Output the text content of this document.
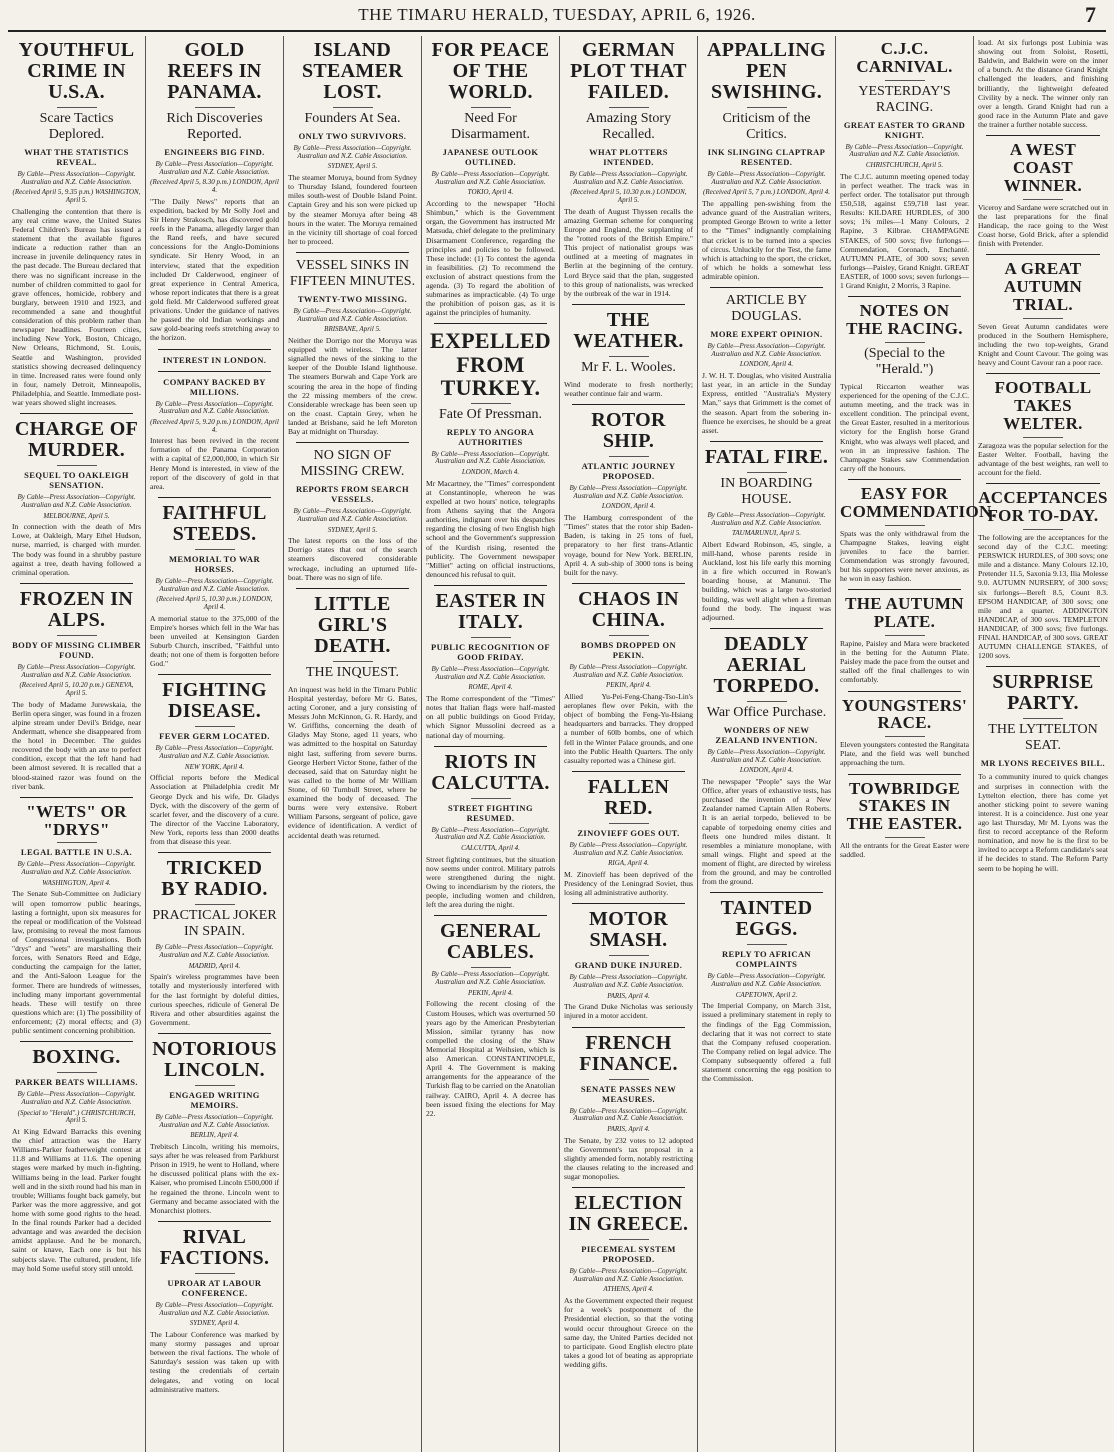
THE TIMARU HERALD, TUESDAY, APRIL 6, 1926.	7
YOUTHFUL CRIME IN U.S.A.
Scare Tactics Deplored.
WHAT THE STATISTICS REVEAL.
By Cable—Press Association—Copyright. Australian and N.Z. Cable Association.
(Received April 5, 9.35 p.m.) WASHINGTON, April 5.
Challenging the contention that there is any real crime wave, the United States Federal Children's Bureau has issued a statement that the available figures indicate a reduction rather than an increase in juvenile delinquency rates in the past decade. The Bureau declared that there was no significant increase in the number of children committed to gaol for grave offences, homicide, robbery and burglary, between 1910 and 1923, and recommended a sane and thoughtful consideration of this problem rather than newspaper headlines. Fourteen cities, including New York, Boston, Chicago, New Orleans, Richmond, St. Louis, Seattle and Washington, provided statistics showing decreased delinquency in time. Increased rates were found only in four, namely Detroit, Minneapolis, Philadelphia, and Seattle. Immediate post-war years showed slight increases.
CHARGE OF MURDER.
SEQUEL TO OAKLEIGH SENSATION.
By Cable—Press Association—Copyright. Australian and N.Z. Cable Association.
MELBOURNE, April 5.
In connection with the death of Mrs Lowe, at Oakleigh, Mary Ethel Hudson, nurse, married, is charged with murder. The body was found in a shrubby pasture against a tree, death having followed a criminal operation.
FROZEN IN ALPS.
BODY OF MISSING CLIMBER FOUND.
By Cable—Press Association—Copyright. Australian and N.Z. Cable Association.
(Received April 5, 10.20 p.m.) GENEVA, April 5.
The body of Madame Jurewskaia, the Berlin opera singer, was found in a frozen alpine stream under Devil's Bridge, near Andermatt, whence she disappeared from the hotel in December. The guides recovered the body with an axe to perfect condition, except that the left hand had been almost severed. It is recalled that a blood-stained razor was found on the river bank.
"WETS" OR "DRYS"
LEGAL BATTLE IN U.S.A.
By Cable—Press Association—Copyright. Australian and N.Z. Cable Association.
WASHINGTON, April 4.
The Senate Sub-Committee on Judiciary will open tomorrow public hearings, lasting a fortnight, upon six measures for the repeal or modification of the Volstead law, promising to reveal the most famous of Congressional investigations. Both "drys" and "wets" are marshalling their forces, with Senators Reed and Edge, conducting the campaign for the latter, and the Anti-Saloon League for the former. There are hundreds of witnesses, including many important governmental heads. These will testify on three questions which are: (1) The possibility of enforcement; (2) moral effects; and (3) public sentiment concerning prohibition.
BOXING.
PARKER BEATS WILLIAMS.
By Cable—Press Association—Copyright. Australian and N.Z. Cable Association.
(Special to "Herald".) CHRISTCHURCH, April 5.
At King Edward Barracks this evening the chief attraction was the Harry Williams-Parker featherweight contest at 11.8 and Williams at 11.6. The opening stages were marked by much in-fighting, Williams being in the lead. Parker fought well and in the sixth round had his man in trouble; Williams fought back gamely, but Parker was the more aggressive, and got home with some good rights to the head. In the final rounds Parker had a decided advantage and was awarded the decision amidst applause. And he be monarch, saint or knave, Each one is but his subjects slave. The cultured, prudent, life may hold Some useful story still untold.
GOLD REEFS IN PANAMA.
Rich Discoveries Reported.
ENGINEERS BIG FIND.
By Cable—Press Association—Copyright. Australian and N.Z. Cable Association.
(Received April 5, 8.30 p.m.) LONDON, April 4.
"The Daily News" reports that an expedition, backed by Mr Solly Joel and Sir Henry Strakosch, has discovered gold reefs in the Panama, allegedly larger than the Rand reefs, and have secured concessions for the Anglo-Dominions syndicate. Sir Henry Wood, in an interview, stated that the expedition included Dr Calderwood, engineer of great experience in Central America, whose report indicates that there is a great gold field. Mr Calderwood suffered great privations. Under the guidance of natives he passed the old Indian workings and saw gold-bearing reefs stretching away to the horizon.
INTEREST IN LONDON.
COMPANY BACKED BY MILLIONS.
By Cable—Press Association—Copyright. Australian and N.Z. Cable Association.
(Received April 5, 9.20 p.m.) LONDON, April 4.
Interest has been revived in the recent formation of the Panama Corporation with a capital of £2,000,000, in which Sir Henry Mond is interested, in view of the report of the discovery of gold in that area.
FAITHFUL STEEDS.
MEMORIAL TO WAR HORSES.
By Cable—Press Association—Copyright. Australian and N.Z. Cable Association.
(Received April 5, 10.30 p.m.) LONDON, April 4.
A memorial statue to the 375,000 of the Empire's horses which fell in the War has been unveiled at Kensington Garden Suburb Church, inscribed, "Faithful unto death; not one of them is forgotten before God."
FIGHTING DISEASE.
FEVER GERM LOCATED.
By Cable—Press Association—Copyright. Australian and N.Z. Cable Association.
NEW YORK, April 4.
Official reports before the Medical Association at Philadelphia credit Mr George Dyck and his wife, Dr. Gladys Dyck, with the discovery of the germ of scarlet fever, and the discovery of a cure. The director of the Vaccine Laboratory, New York, reports less than 2000 deaths from that disease this year.
TRICKED BY RADIO.
PRACTICAL JOKER IN SPAIN.
By Cable—Press Association—Copyright. Australian and N.Z. Cable Association.
MADRID, April 4.
Spain's wireless programmes have been totally and mysteriously interfered with for the last fortnight by doleful ditties, curious speeches, ridicule of General De Rivera and other absurdities against the Government.
NOTORIOUS LINCOLN.
ENGAGED WRITING MEMOIRS.
By Cable—Press Association—Copyright. Australian and N.Z. Cable Association.
BERLIN, April 4.
Trebitsch Lincoln, writing his memoirs, says after he was released from Parkhurst Prison in 1919, he went to Holland, where he discussed political plans with the ex-Kaiser, who promised Lincoln £500,000 if he regained the throne. Lincoln went to Germany and became associated with the Monarchist plotters.
RIVAL FACTIONS.
UPROAR AT LABOUR CONFERENCE.
By Cable—Press Association—Copyright. Australian and N.Z. Cable Association.
SYDNEY, April 4.
The Labour Conference was marked by many stormy passages and uproar between the rival factions. The whole of Saturday's session was taken up with testing the credentials of certain delegates, and voting on local administrative matters.
ISLAND STEAMER LOST.
Founders At Sea.
ONLY TWO SURVIVORS.
By Cable—Press Association—Copyright. Australian and N.Z. Cable Association.
SYDNEY, April 5.
The steamer Moruya, bound from Sydney to Thursday Island, foundered fourteen miles south-west of Double Island Point. Captain Grey and his son were picked up by the steamer Moruya after being 48 hours in the water. The Moruya remained in the vicinity till shortage of coal forced her to proceed.
VESSEL SINKS IN FIFTEEN MINUTES.
TWENTY-TWO MISSING.
By Cable—Press Association—Copyright. Australian and N.Z. Cable Association.
BRISBANE, April 5.
Neither the Dorrigo nor the Moruya was equipped with wireless. The latter signalled the news of the sinking to the keeper of the Double Island lighthouse. The steamers Burwah and Cape York are scouring the area in the hope of finding the 22 missing members of the crew. Considerable wreckage has been seen up on the coast. Captain Grey, when he landed at Brisbane, said he left Moreton Bay at midnight on Thursday.
NO SIGN OF MISSING CREW.
REPORTS FROM SEARCH VESSELS.
By Cable—Press Association—Copyright. Australian and N.Z. Cable Association.
SYDNEY, April 5.
The latest reports on the loss of the Dorrigo states that out of the search steamers discovered considerable wreckage, including an upturned life-boat. There was no sign of life.
LITTLE GIRL'S DEATH.
THE INQUEST.
An inquest was held in the Timaru Public Hospital yesterday, before Mr G. Bates, acting Coroner, and a jury consisting of Messrs John McKinnon, G. R. Hardy, and W. Griffiths, concerning the death of Gladys May Stone, aged 11 years, who was admitted to the hospital on Saturday night last, suffering from severe burns. George Herbert Victor Stone, father of the deceased, said that on Saturday night he was called to the home of Mr William Stone, of 60 Turnbull Street, where he examined the body of deceased. The burns were very extensive. Robert William Parsons, sergeant of police, gave evidence of identification. A verdict of accidental death was returned.
FOR PEACE OF THE WORLD.
Need For Disarmament.
JAPANESE OUTLOOK OUTLINED.
By Cable—Press Association—Copyright. Australian and N.Z. Cable Association.
TOKIO, April 4.
According to the newspaper "Hochi Shimbun," which is the Government organ, the Government has instructed Mr Matsuda, chief delegate to the preliminary Disarmament Conference, regarding the principles and policies to be followed. These include: (1) To contest the agenda in feasibilities. (2) To recommend the exclusion of abstract questions from the agenda. (3) To regard the abolition of submarines as impracticable. (4) To urge the prohibition of poison gas, as it is against the principles of humanity.
EXPELLED FROM TURKEY.
Fate Of Pressman.
REPLY TO ANGORA AUTHORITIES
By Cable—Press Association—Copyright. Australian and N.Z. Cable Association.
LONDON, March 4.
Mr Macartney, the "Times" correspondent at Constantinople, whereon he was expelled at two hours' notice, telegraphs from Athens saying that the Angora authorities, indignant over his despatches regarding the closing of two English high school and the Government's suppression of the Kurdish rising, resented the publicity. The Government newspaper "Milliet" acting on official instructions, denounced his refusal to quit.
EASTER IN ITALY.
PUBLIC RECOGNITION OF GOOD FRIDAY.
By Cable—Press Association—Copyright. Australian and N.Z. Cable Association.
ROME, April 4.
The Rome correspondent of the "Times" notes that Italian flags were half-masted on all public buildings on Good Friday, which Signor Mussolini decreed as a national day of mourning.
RIOTS IN CALCUTTA.
STREET FIGHTING RESUMED.
By Cable—Press Association—Copyright. Australian and N.Z. Cable Association.
CALCUTTA, April 4.
Street fighting continues, but the situation now seems under control. Military patrols were strengthened during the night. Owing to incendiarism by the rioters, the people, including women and children, left the area during the night.
GENERAL CABLES.
By Cable—Press Association—Copyright. Australian and N.Z. Cable Association.
PEKIN, April 4.
Following the recent closing of the Custom Houses, which was overturned 50 years ago by the American Presbyterian Mission, similar tyranny has now compelled the closing of the Shaw Memorial Hospital at Weihsien, which is also American. CONSTANTINOPLE, April 4. The Government is making arrangements for the appearance of the Turkish flag to be carried on the Anatolian railway. CAIRO, April 4. A decree has been issued fixing the elections for May 22.
GERMAN PLOT THAT FAILED.
Amazing Story Recalled.
WHAT PLOTTERS INTENDED.
By Cable—Press Association—Copyright. Australian and N.Z. Cable Association.
(Received April 5, 10.30 p.m.) LONDON, April 5.
The death of August Thyssen recalls the amazing German scheme for conquering Europe and England, the supplanting of the "rotted roots of the British Empire." This project of nationalist groups was outlined at a meeting of magnates in Berlin at the beginning of the century. Lord Bryce said that the plan, suggested to this group of nationalists, was wrecked by the outbreak of the war in 1914.
THE WEATHER.
Mr F. L. Wooles.
Wind moderate to fresh northerly; weather continue fair and warm.
ROTOR SHIP.
ATLANTIC JOURNEY PROPOSED.
By Cable—Press Association—Copyright. Australian and N.Z. Cable Association.
LONDON, April 4.
The Hamburg correspondent of the "Times" states that the rotor ship Baden-Baden, is taking in 25 tons of fuel, preparatory to her first trans-Atlantic voyage, bound for New York. BERLIN, April 4. A sub-ship of 3000 tons is being built for the navy.
CHAOS IN CHINA.
BOMBS DROPPED ON PEKIN.
By Cable—Press Association—Copyright. Australian and N.Z. Cable Association.
PEKIN, April 4.
Allied Yu-Pei-Feng-Chang-Tso-Lin's aeroplanes flew over Pekin, with the object of bombing the Feng-Yu-Hsiang headquarters and barracks. They dropped a number of 60lb bombs, one of which fell in the Winter Palace grounds, and one into the Public Health Quarters. The only casualty reported was a Chinese girl.
FALLEN RED.
ZINOVIEFF GOES OUT.
By Cable—Press Association—Copyright. Australian and N.Z. Cable Association.
RIGA, April 4.
M. Zinovieff has been deprived of the Presidency of the Leningrad Soviet, thus losing all administrative authority.
MOTOR SMASH.
GRAND DUKE INJURED.
By Cable—Press Association—Copyright. Australian and N.Z. Cable Association.
PARIS, April 4.
The Grand Duke Nicholas was seriously injured in a motor accident.
FRENCH FINANCE.
SENATE PASSES NEW MEASURES.
By Cable—Press Association—Copyright. Australian and N.Z. Cable Association.
PARIS, April 4.
The Senate, by 232 votes to 12 adopted the Government's tax proposal in a slightly amended form, notably restricting the clauses relating to the increased and sugar monopolies.
ELECTION IN GREECE.
PIECEMEAL SYSTEM PROPOSED.
By Cable—Press Association—Copyright. Australian and N.Z. Cable Association.
ATHENS, April 4.
As the Government expected their request for a week's postponement of the Presidential election, so that the voting would occur throughout Greece on the same day, the United Parties decided not to participate. Good English electro plate takes a good lot of beating as appropriate wedding gifts.
APPALLING PEN SWISHING.
Criticism of the Critics.
INK SLINGING CLAPTRAP RESENTED.
By Cable—Press Association—Copyright. Australian and N.Z. Cable Association.
(Received April 5, 7 p.m.) LONDON, April 4.
The appalling pen-swishing from the advance guard of the Australian writers, prompted George Brown to write a letter to the "Times" indignantly complaining that cricket is to be turned into a species of circus. Unluckily for the Test, the fame which is attaching to the sport, the cricket, of which he holds a somewhat less admirable opinion.
ARTICLE BY DOUGLAS.
MORE EXPERT OPINION.
By Cable—Press Association—Copyright. Australian and N.Z. Cable Association.
LONDON, April 4.
J. W. H. T. Douglas, who visited Australia last year, in an article in the Sunday Express, entitled "Australia's Mystery Man," says that Grimmett is the comet of the season. Apart from the sobering in-fluence he exercises, he should be a great asset.
FATAL FIRE.
IN BOARDING HOUSE.
By Cable—Press Association—Copyright. Australian and N.Z. Cable Association.
TAUMARUNUI, April 5.
Albert Edward Robinson, 45, single, a mill-hand, whose parents reside in Auckland, lost his life early this morning in a fire which occurred in Rowan's boarding house, at Manunui. The building, which was a large two-storied building, was well alight when a fireman found the body. The inquest was adjourned.
DEADLY AERIAL TORPEDO.
War Office Purchase.
WONDERS OF NEW ZEALAND INVENTION.
By Cable—Press Association—Copyright. Australian and N.Z. Cable Association.
LONDON, April 4.
The newspaper "People" says the War Office, after years of exhaustive tests, has purchased the invention of a New Zealander named Captain Allen Roberts. It is an aerial torpedo, believed to be capable of torpedoing enemy cities and fleets one hundred miles distant. It resembles a miniature monoplane, with small wings. Flight and speed at the moment of flight, are directed by wireless from the ground, and may be controlled from the ground.
TAINTED EGGS.
REPLY TO AFRICAN COMPLAINTS
By Cable—Press Association—Copyright. Australian and N.Z. Cable Association.
CAPETOWN, April 2.
The Imperial Company, on March 31st, issued a preliminary statement in reply to the findings of the Egg Commission, declaring that it was not correct to state that the Company refused cooperation. The Company relied on legal advice. The Company subsequently offered a full statement concerning the egg position to the Commission.
C.J.C. CARNIVAL.
YESTERDAY'S RACING.
GREAT EASTER TO GRAND KNIGHT.
By Cable—Press Association—Copyright. Australian and N.Z. Cable Association.
CHRISTCHURCH, April 5.
The C.J.C. autumn meeting opened today in perfect weather. The track was in perfect order. The totalisator put through £50,518, against £59,718 last year. Results: KILDARE HURDLES, of 300 sovs; 1¾ miles—1 Many Colours, 2 Rapine, 3 Kilbrae. CHAMPAGNE STAKES, of 500 sovs; five furlongs—Commendation, Coronach, Enchanté. AUTUMN PLATE, of 300 sovs; seven furlongs—Paisley, Grand Knight. GREAT EASTER, of 1000 sovs; seven furlongs—1 Grand Knight, 2 Morris, 3 Rapine.
NOTES ON THE RACING.
(Special to the "Herald.")
Typical Riccarton weather was experienced for the opening of the C.J.C. autumn meeting, and the track was in excellent condition. The principal event, the Great Easter, resulted in a meritorious victory for the English horse Grand Knight, who was always well placed, and won in an impressive fashion. The Champagne Stakes saw Commendation carry off the honours.
EASY FOR COMMENDATION.
Spats was the only withdrawal from the Champagne Stakes, leaving eight juveniles to face the barrier. Commendation was strongly favoured, but his supporters were never anxious, as he won in easy fashion.
THE AUTUMN PLATE.
Rapine, Paisley and Mara were bracketed in the betting for the Autumn Plate. Paisley made the pace from the outset and stalled off the final challenges to win comfortably.
YOUNGSTERS' RACE.
Eleven youngsters contested the Rangitata Plate, and the field was well bunched approaching the turn.
TOWBRIDGE STAKES IN THE EASTER.
All the entrants for the Great Easter were saddled.
load. At six furlongs post Lubinia was showing out from Soloist, Rosetti, Baldwin, and Baldwin were on the inner of a bunch. At the distance Grand Knight challenged the leaders, and finishing brilliantly, the lightweight defeated Civility by a neck. The winner only ran over a length. Grand Knight had run a good race in the Autumn Plate and gave the trainer a further notable success.
A WEST COAST WINNER.
Viceroy and Sardane were scratched out in the last preparations for the final Handicap, the race going to the West Coast horse, Gold Brick, after a splendid finish with Pretender.
A GREAT AUTUMN TRIAL.
Seven Great Autumn candidates were produced in the Southern Hemisphere, including the two top-weights, Grand Knight and Count Cavour. The going was heavy and Count Cavour ran a poor race.
FOOTBALL TAKES WELTER.
Zaragoza was the popular selection for the Easter Welter. Football, having the advantage of the best weights, ran well to account for the field.
ACCEPTANCES FOR TO-DAY.
The following are the acceptances for the second day of the C.J.C. meeting: PERSWICK HURDLES, of 300 sovs; one mile and a distance. Many Colours 12.10, Pretender 11.5, Saxonia 9.13, Ilia Molesse 9.0. AUTUMN NURSERY, of 300 sovs; six furlongs—Bereft 8.5, Count 8.3. EPSOM HANDICAP, of 300 sovs; one mile and a quarter. ADDINGTON HANDICAP, of 300 sovs. TEMPLETON HANDICAP, of 300 sovs; five furlongs. FINAL HANDICAP, of 300 sovs. GREAT AUTUMN CHALLENGE STAKES, of 1200 sovs.
SURPRISE PARTY.
THE LYTTELTON SEAT.
MR LYONS RECEIVES BILL.
To a community inured to quick changes and surprises in connection with the Lyttelton election, there has come yet another sticking point to severe waning interest. It is a coincidence. Just one year ago last Thursday, Mr M. Lyons was the first to record acceptance of the Reform nomination, and now he is the first to be invited to accept a Reform candidate's seat if he decides to stand. The Reform Party seem to be hoping he will.
